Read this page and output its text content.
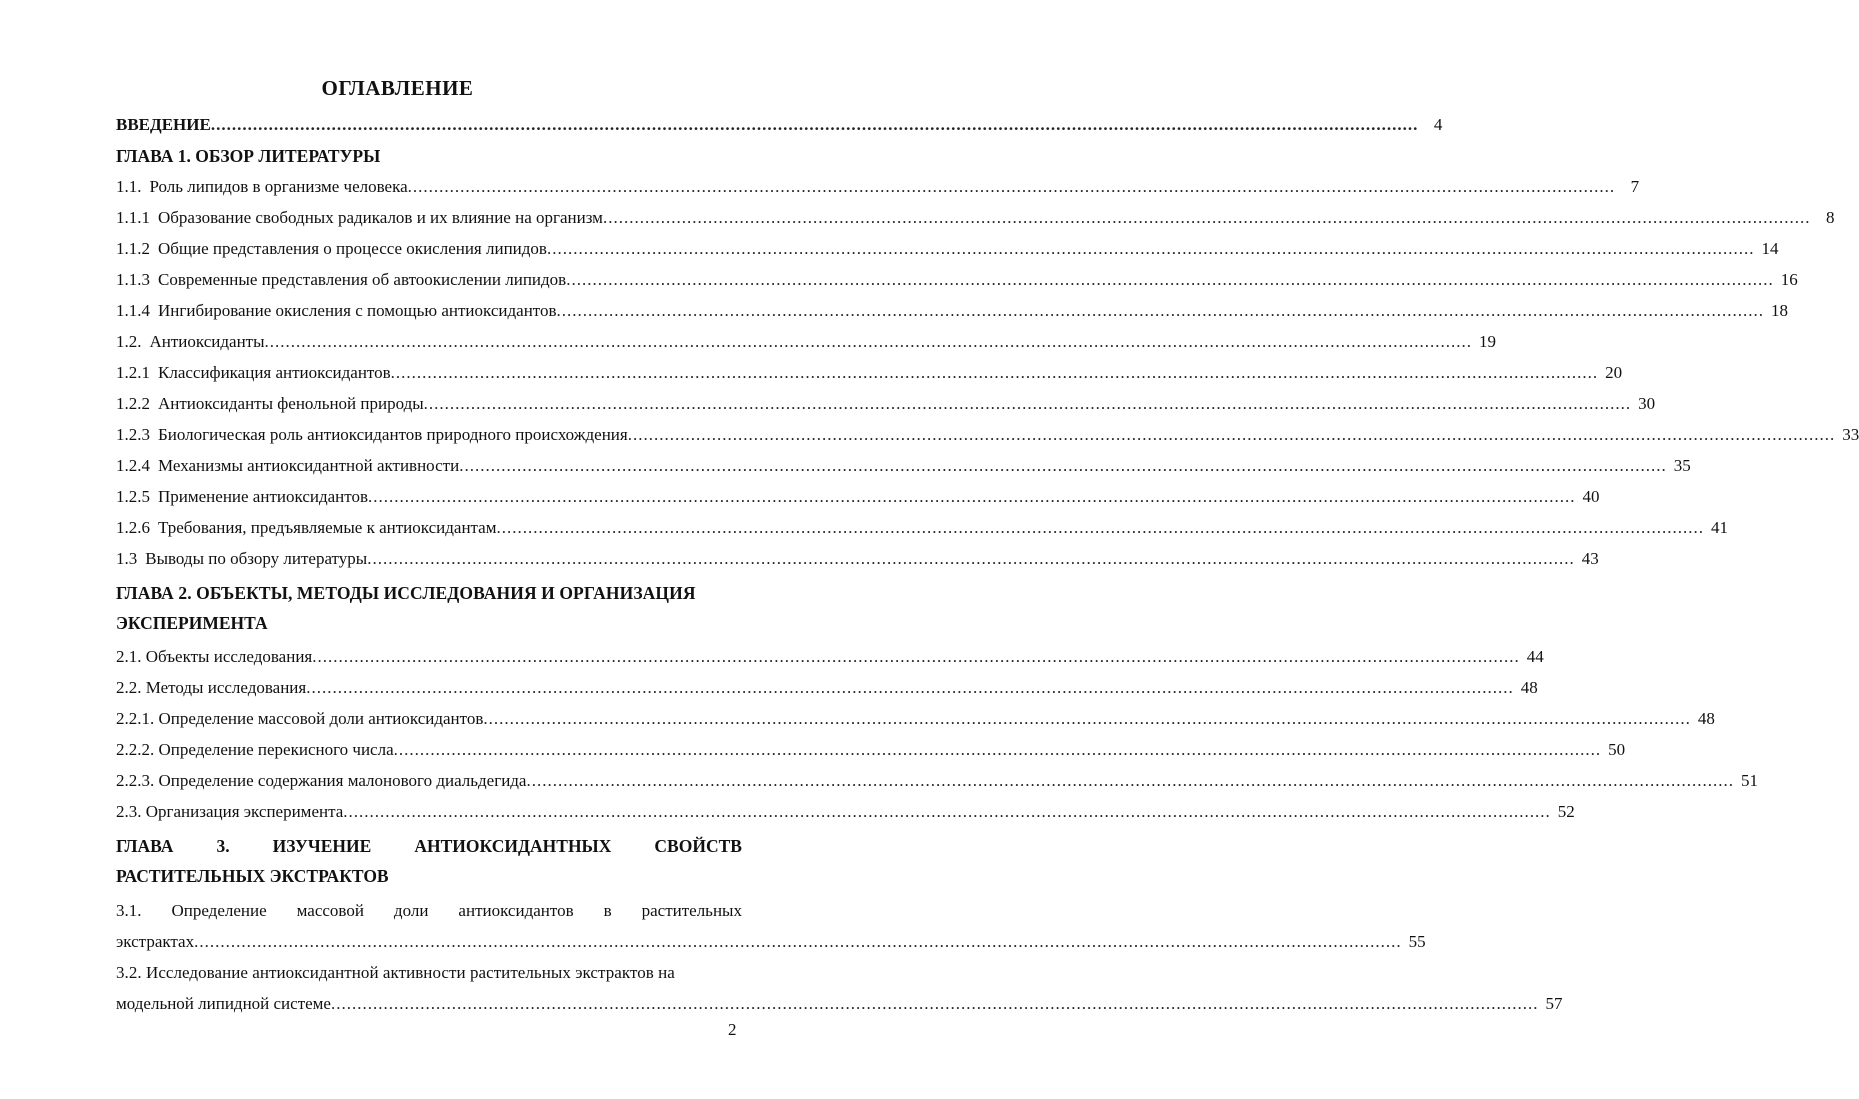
ОГЛАВЛЕНИЕ
ВВЕДЕНИЕ .....	4
ГЛАВА 1. ОБЗОР ЛИТЕРАТУРЫ
1.1. Роль липидов в организме человека .....	7
1.1.1 Образование свободных радикалов и их влияние на организм .....	8
1.1.2 Общие представления о процессе окисления липидов .....	14
1.1.3 Современные представления об автоокислении липидов .....	16
1.1.4 Ингибирование окисления с помощью антиоксидантов .....	18
1.2. Антиоксиданты .....	19
1.2.1 Классификация антиоксидантов .....	20
1.2.2 Антиоксиданты фенольной природы .....	30
1.2.3 Биологическая роль антиоксидантов природного происхождения .....	33
1.2.4 Механизмы антиоксидантной активности .....	35
1.2.5 Применение антиоксидантов .....	40
1.2.6 Требования, предъявляемые к антиоксидантам .....	41
1.3 Выводы по обзору литературы .....	43
ГЛАВА 2. ОБЪЕКТЫ, МЕТОДЫ ИССЛЕДОВАНИЯ И ОРГАНИЗАЦИЯ
ЭКСПЕРИМЕНТА
2.1. Объекты исследования .....	44
2.2. Методы исследования .....	48
2.2.1. Определение массовой доли антиоксидантов .....	48
2.2.2. Определение перекисного числа .....	50
2.2.3. Определение содержания малонового диальдегида .....	51
2.3. Организация эксперимента .....	52
ГЛАВА 3. ИЗУЧЕНИЕ АНТИОКСИДАНТНЫХ СВОЙСТВ
РАСТИТЕЛЬНЫХ ЭКСТРАКТОВ
3.1. Определение массовой доли антиоксидантов в растительных
экстрактах .....	55
3.2. Исследование антиоксидантной активности растительных экстрактов на
модельной липидной системе .....	57
2
